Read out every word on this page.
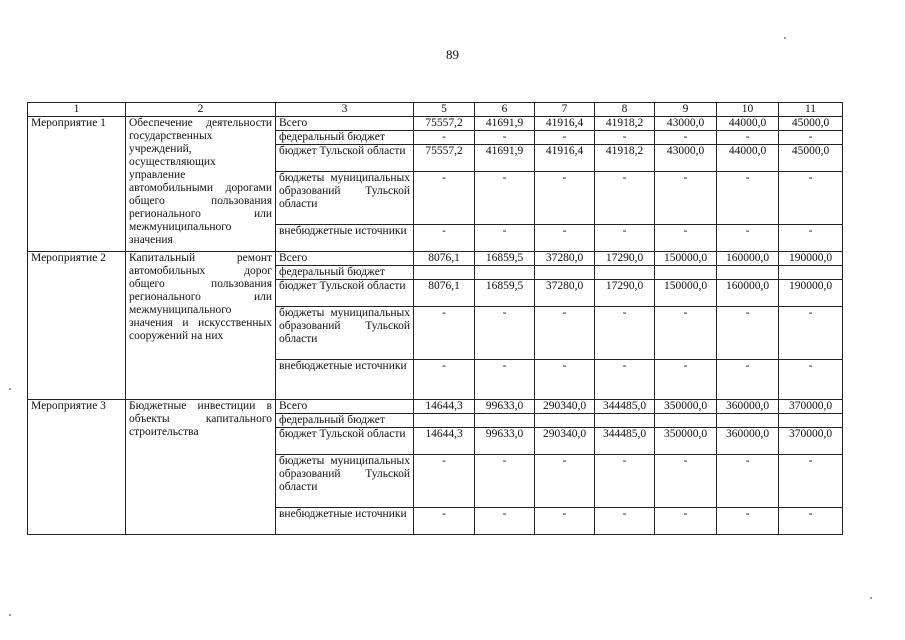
89
1	2	3	5	6	7	8	9	10	11
Мероприятие 1	Обеспечение деятельности государственных учреждений, осуществляющих управление автомобильными дорогами общего пользования регионального или межмуниципального значения	Всего	75557,2	41691,9	41916,4	41918,2	43000,0	44000,0	45000,0
		федеральный бюджет	-	-	-	-	-	-	-
		бюджет Тульской области	75557,2	41691,9	41916,4	41918,2	43000,0	44000,0	45000,0
		бюджеты муниципальных образований Тульской области	-	-	-	-	-	-	-
		внебюджетные источники	-	-	-	-	-	-	-
Мероприятие 2	Капитальный ремонт автомобильных дорог общего пользования регионального или межмуниципального значения и искусственных сооружений на них	Всего	8076,1	16859,5	37280,0	17290,0	150000,0	160000,0	190000,0
		федеральный бюджет							
		бюджет Тульской области	8076,1	16859,5	37280,0	17290,0	150000,0	160000,0	190000,0
		бюджеты муниципальных образований Тульской области	-	-	-	-	-	-	-
		внебюджетные источники	-	-	-	-	-	-	-
Мероприятие 3	Бюджетные инвестиции в объекты капитального строительства	Всего	14644,3	99633,0	290340,0	344485,0	350000,0	360000,0	370000,0
		федеральный бюджет							
		бюджет Тульской области	14644,3	99633,0	290340,0	344485,0	350000,0	360000,0	370000,0
		бюджеты муниципальных образований Тульской области	-	-	-	-	-	-	-
		внебюджетные источники	-	-	-	-	-	-	-
